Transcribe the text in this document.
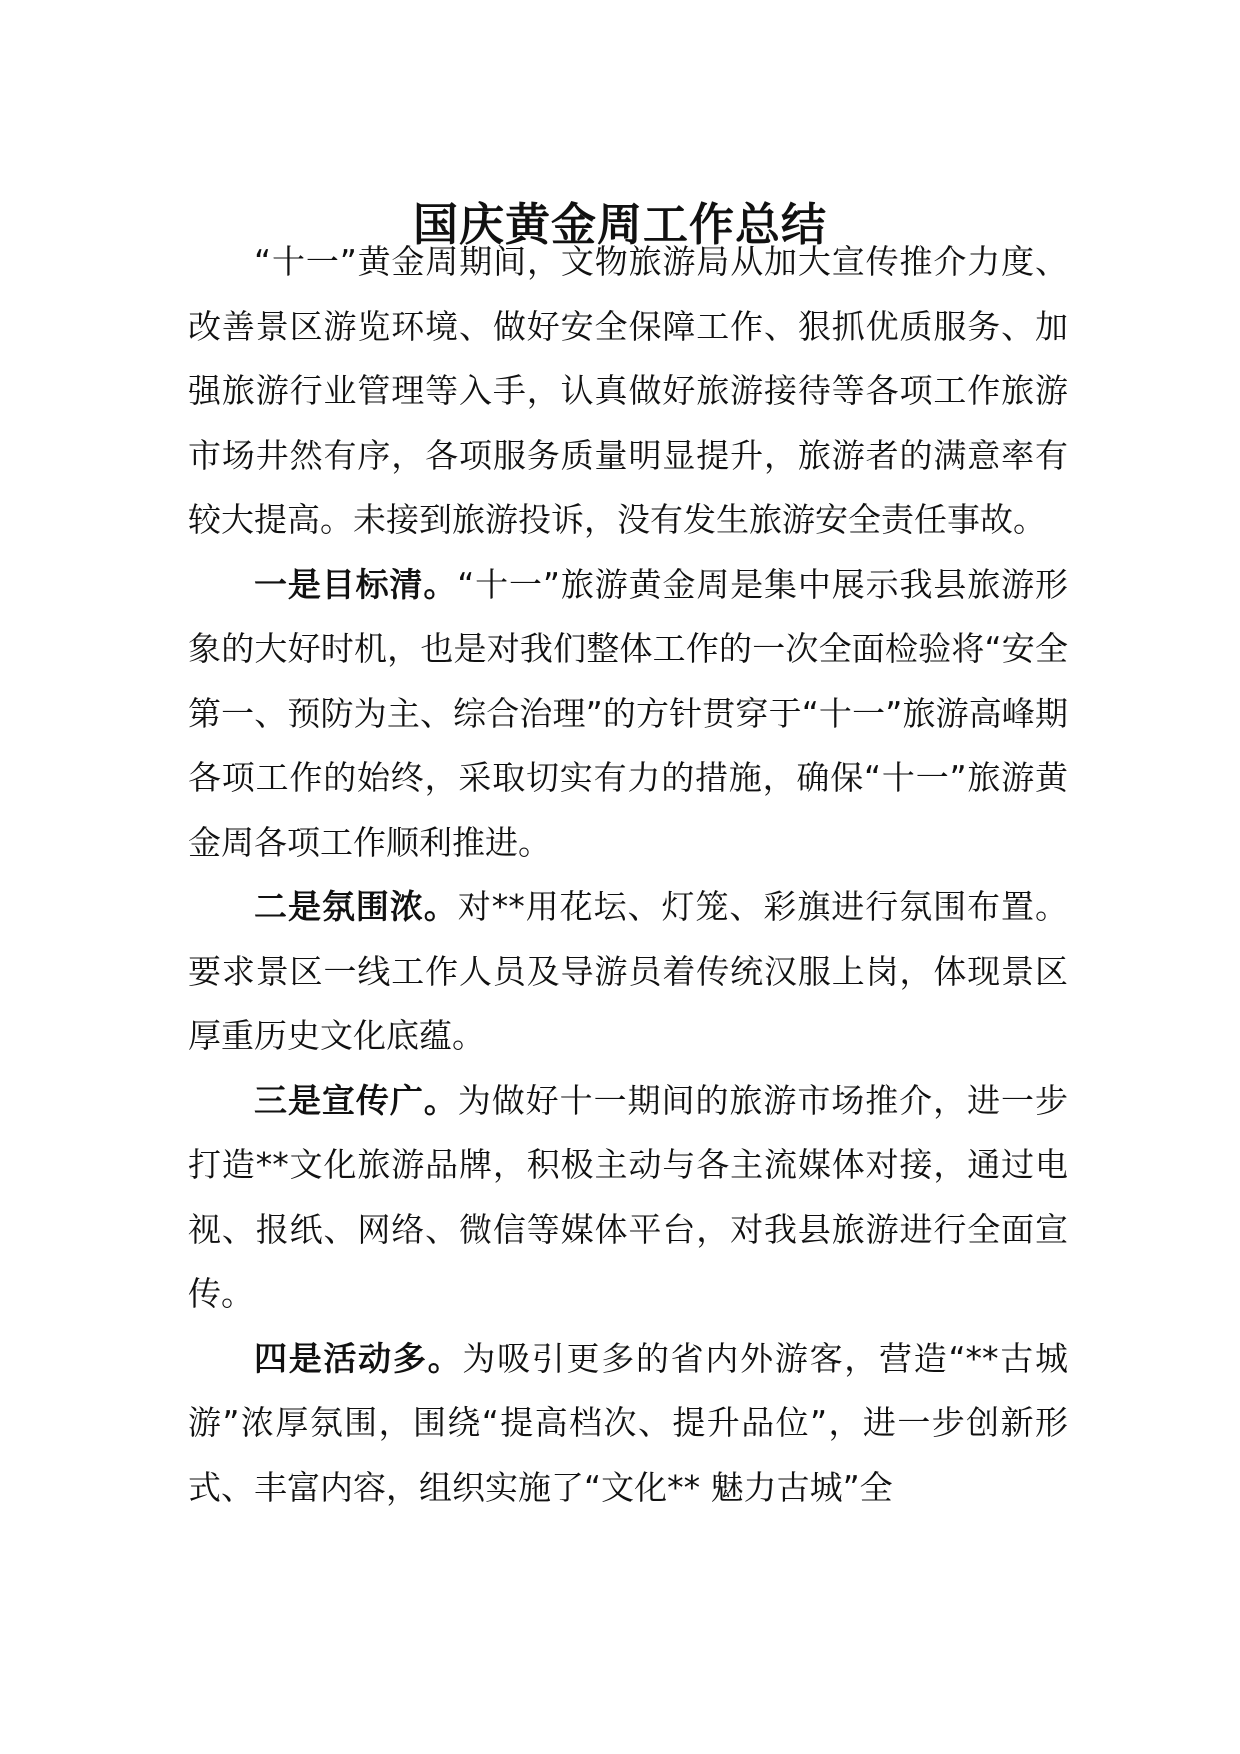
国庆黄金周工作总结

“十一”黄金周期间，文物旅游局从加大宣传推介力度、改善景区游览环境、做好安全保障工作、狠抓优质服务、加强旅游行业管理等入手，认真做好旅游接待等各项工作旅游市场井然有序，各项服务质量明显提升，旅游者的满意率有较大提高。未接到旅游投诉，没有发生旅游安全责任事故。

一是目标清。“十一”旅游黄金周是集中展示我县旅游形象的大好时机，也是对我们整体工作的一次全面检验将“安全第一、预防为主、综合治理”的方针贯穿于“十一”旅游高峰期各项工作的始终，采取切实有力的措施，确保“十一”旅游黄金周各项工作顺利推进。

二是氛围浓。对**用花坛、灯笼、彩旗进行氛围布置。要求景区一线工作人员及导游员着传统汉服上岗，体现景区厚重历史文化底蕴。

三是宣传广。为做好十一期间的旅游市场推介，进一步打造**文化旅游品牌，积极主动与各主流媒体对接，通过电视、报纸、网络、微信等媒体平台，对我县旅游进行全面宣传。

四是活动多。为吸引更多的省内外游客，营造“**古城游”浓厚氛围，围绕“提高档次、提升品位”，进一步创新形式、丰富内容，组织实施了“文化** 魅力古城”全
